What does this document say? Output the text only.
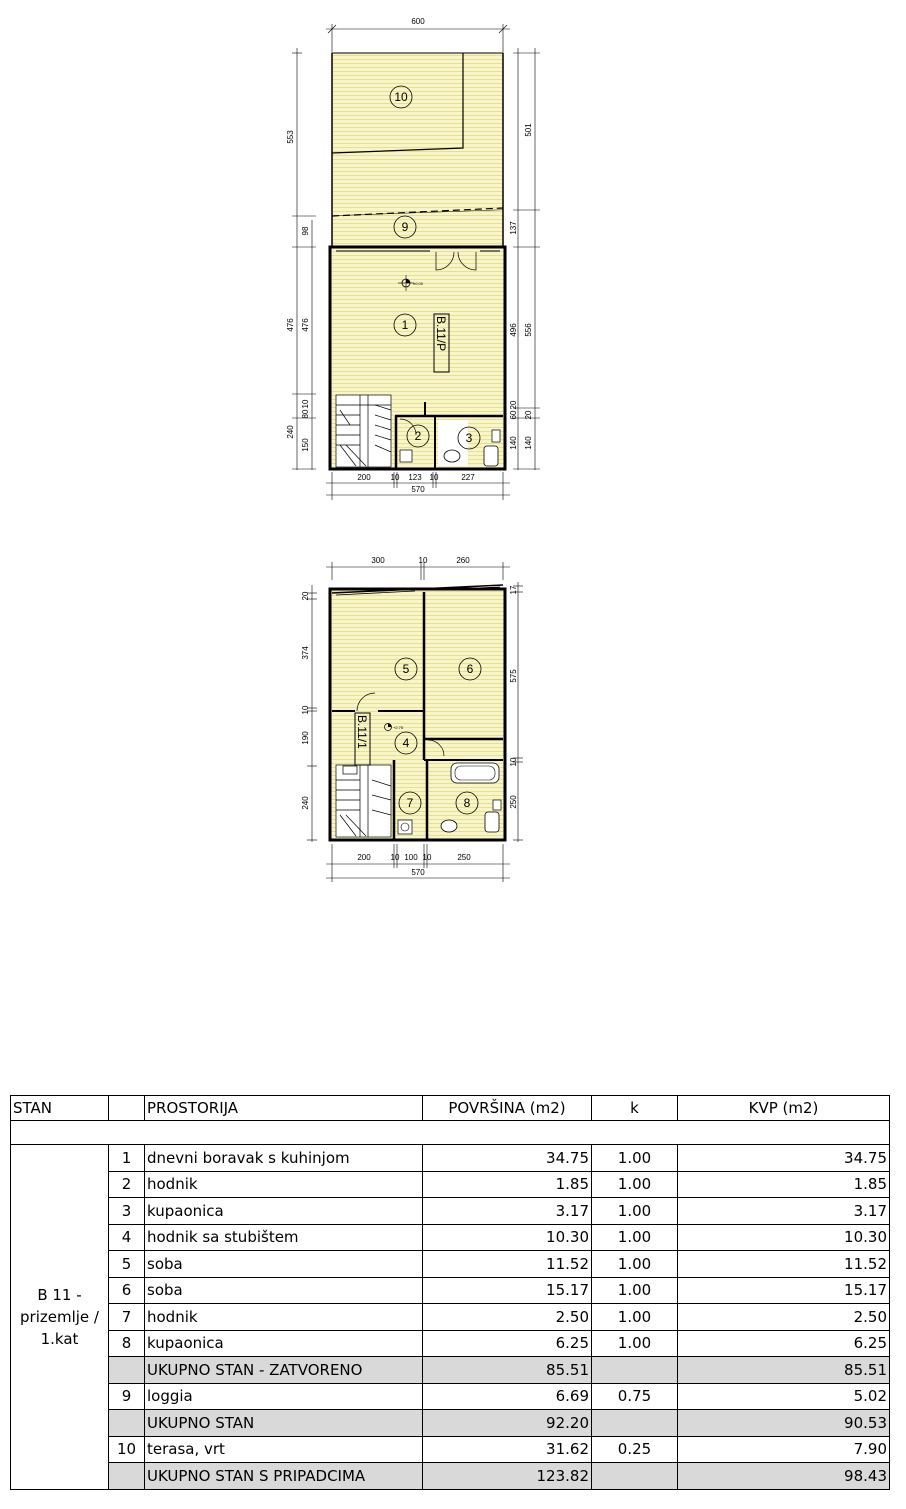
600
10
9
1
2	3
±0.00
B.11/P
553
98
476 476
10
80
240
150
501
137
496 556
20
60 20
140 140
200 10 123 10	227
570
300	10	260
5	6
4
7	8
+2.75
B.11/1
20
374
10
190
240
17
575
10
250
200 10 100 10	250
570
STAN		PROSTORIJA	POVRŠINA (m2)	k	KVP (m2)

B 11 -
prizemlje /
1.kat	1	dnevni boravak s kuhinjom	34.75	1.00	34.75
	2	hodnik	1.85	1.00	1.85
	3	kupaonica	3.17	1.00	3.17
	4	hodnik sa stubištem	10.30	1.00	10.30
	5	soba	11.52	1.00	11.52
	6	soba	15.17	1.00	15.17
	7	hodnik	2.50	1.00	2.50
	8	kupaonica	6.25	1.00	6.25
		UKUPNO STAN - ZATVORENO	85.51		85.51
	9	loggia	6.69	0.75	5.02
		UKUPNO STAN	92.20		90.53
	10	terasa, vrt	31.62	0.25	7.90
		UKUPNO STAN S PRIPADCIMA	123.82		98.43
